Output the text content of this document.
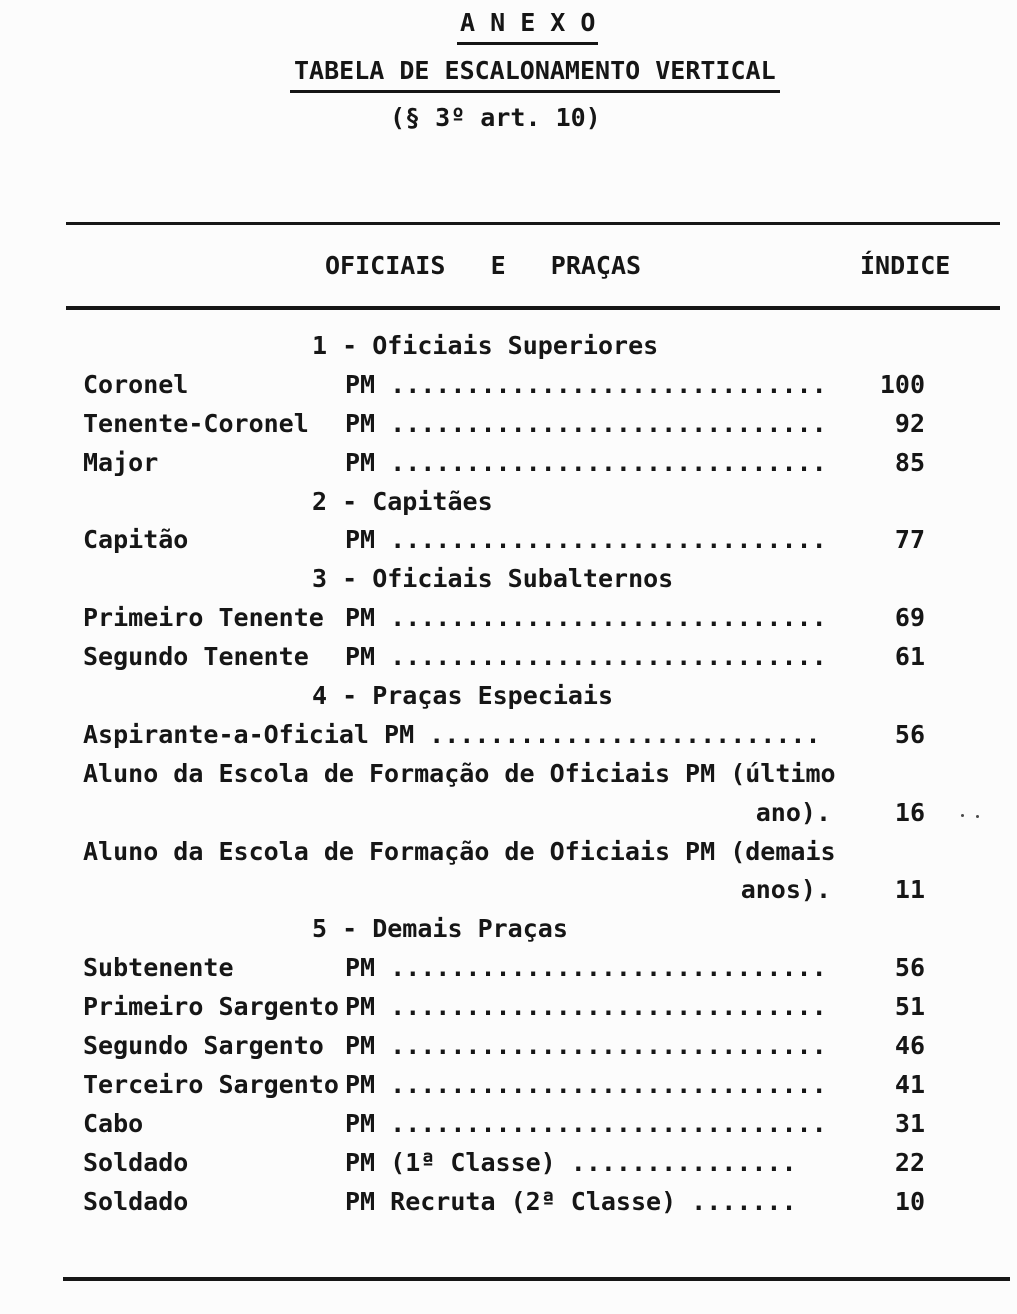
A N E X O
TABELA DE ESCALONAMENTO VERTICAL
(§ 3º art. 10)
OFICIAIS   E   PRAÇAS	ÍNDICE
1 - Oficiais Superiores
Coronel	PM .............................	100
Tenente-Coronel	PM .............................	92
Major	PM .............................	85
2 - Capitães
Capitão	PM .............................	77
3 - Oficiais Subalternos
Primeiro Tenente PM .............................	69
Segundo Tenente	PM .............................	61
4 - Praças Especiais
Aspirante-a-Oficial PM ..........................	56
Aluno da Escola de Formação de Oficiais PM (último
ano).	16
Aluno da Escola de Formação de Oficiais PM (demais
anos).	11
5 - Demais Praças
Subtenente	PM .............................	56
Primeiro Sargento PM .............................	51
Segundo Sargento PM .............................	46
Terceiro Sargento PM .............................	41
Cabo	PM .............................	31
Soldado	PM (1ª Classe) ...............	22
Soldado	PM Recruta (2ª Classe) .......	10
